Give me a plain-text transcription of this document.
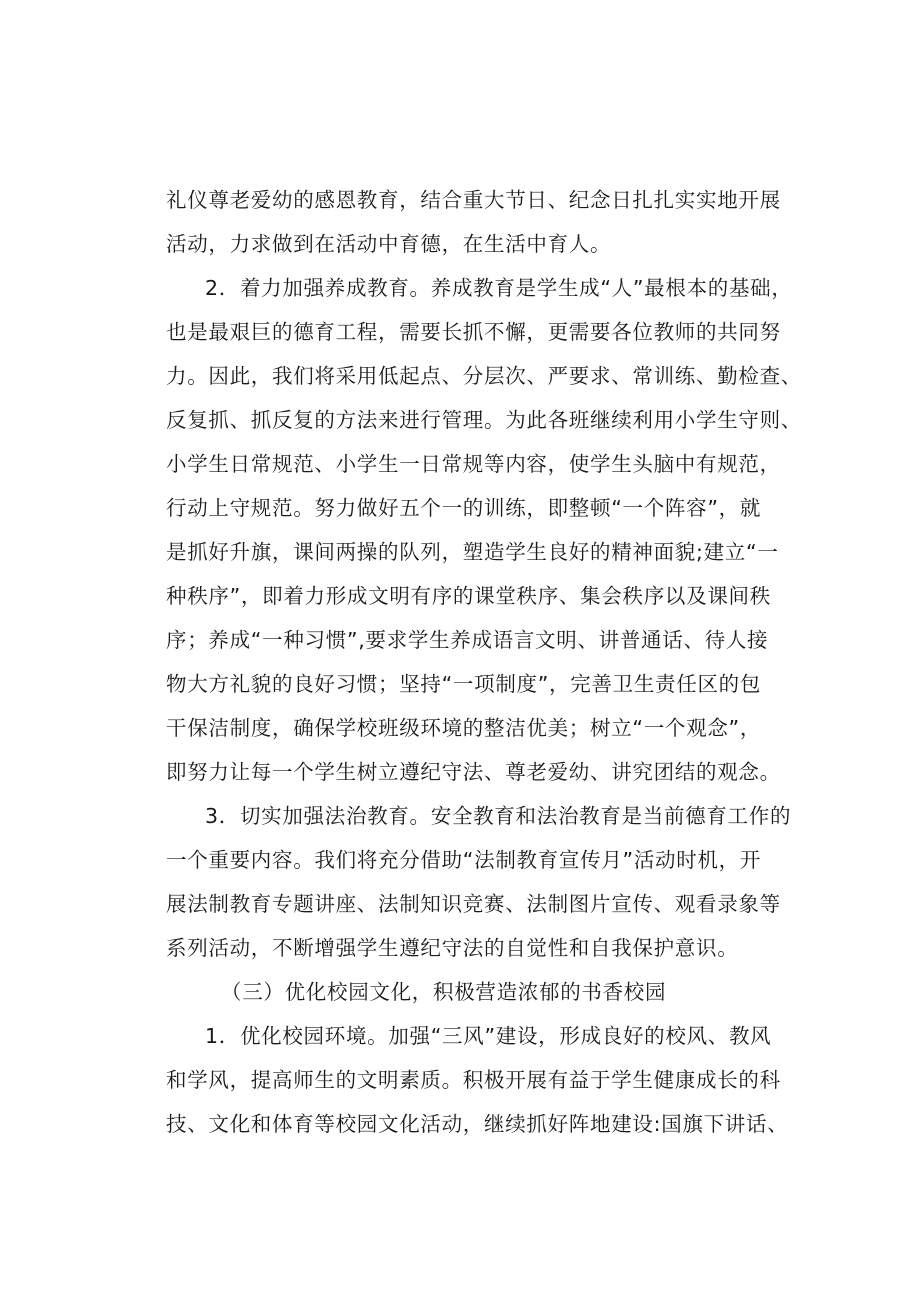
礼仪尊老爱幼的感恩教育，结合重大节日、纪念日扎扎实实地开展
活动，力求做到在活动中育德，在生活中育人。
2．着力加强养成教育。养成教育是学生成“人”最根本的基础，
也是最艰巨的德育工程，需要长抓不懈，更需要各位教师的共同努
力。因此，我们将采用低起点、分层次、严要求、常训练、勤检查、
反复抓、抓反复的方法来进行管理。为此各班继续利用小学生守则、
小学生日常规范、小学生一日常规等内容，使学生头脑中有规范，
行动上守规范。努力做好五个一的训练，即整顿“一个阵容”，就
是抓好升旗，课间两操的队列，塑造学生良好的精神面貌;建立“一
种秩序”，即着力形成文明有序的课堂秩序、集会秩序以及课间秩
序；养成“一种习惯”,要求学生养成语言文明、讲普通话、待人接
物大方礼貌的良好习惯；坚持“一项制度”，完善卫生责任区的包
干保洁制度，确保学校班级环境的整洁优美；树立“一个观念”，
即努力让每一个学生树立遵纪守法、尊老爱幼、讲究团结的观念。
3．切实加强法治教育。安全教育和法治教育是当前德育工作的
一个重要内容。我们将充分借助“法制教育宣传月”活动时机，开
展法制教育专题讲座、法制知识竞赛、法制图片宣传、观看录象等
系列活动，不断增强学生遵纪守法的自觉性和自我保护意识。
（三）优化校园文化，积极营造浓郁的书香校园
1．优化校园环境。加强“三风”建设，形成良好的校风、教风
和学风，提高师生的文明素质。积极开展有益于学生健康成长的科
技、文化和体育等校园文化活动，继续抓好阵地建设:国旗下讲话、
